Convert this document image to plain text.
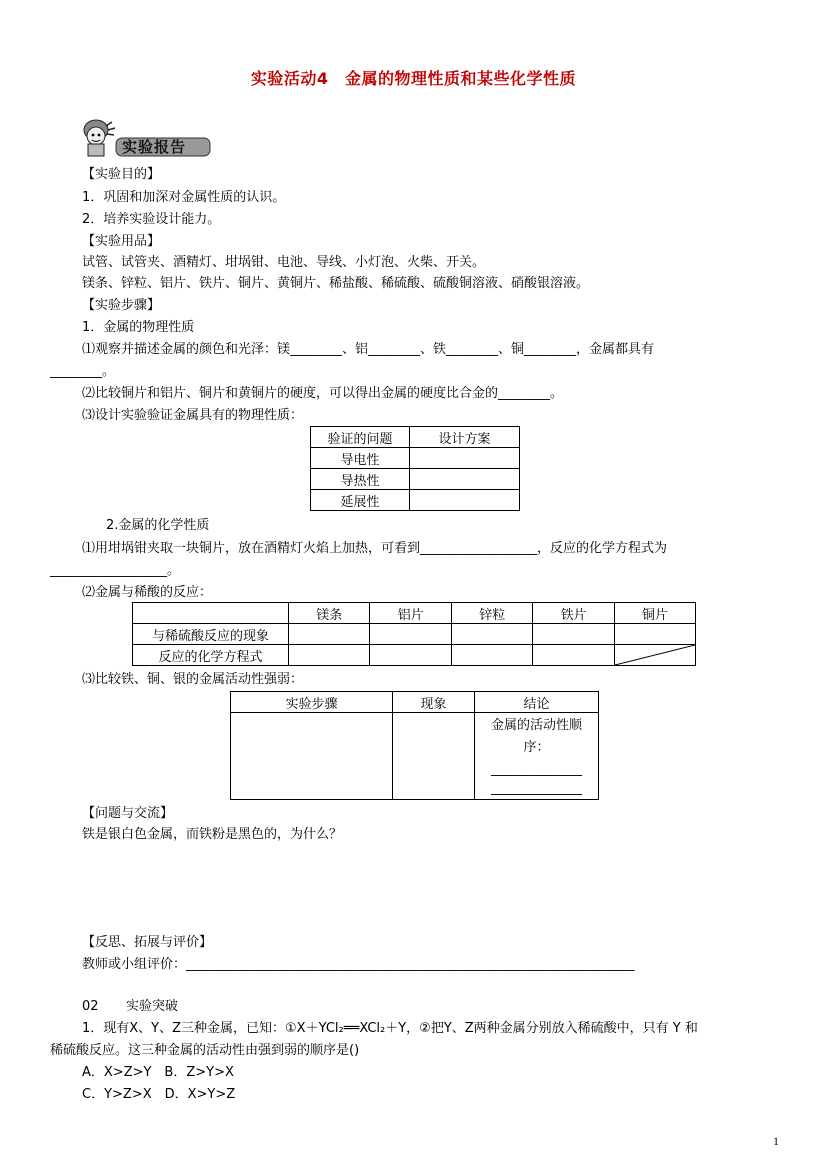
实验活动4　金属的物理性质和某些化学性质
实验报告
【实验目的】
1．巩固和加深对金属性质的认识。
2．培养实验设计能力。
【实验用品】
试管、试管夹、酒精灯、坩埚钳、电池、导线、小灯泡、火柴、开关。
镁条、锌粒、铝片、铁片、铜片、黄铜片、稀盐酸、稀硫酸、硫酸铜溶液、硝酸银溶液。
【实验步骤】
1．金属的物理性质
⑴观察并描述金属的颜色和光泽：镁________、铝________、铁________、铜________，金属都具有
________。
⑵比较铜片和铝片、铜片和黄铜片的硬度，可以得出金属的硬度比合金的________。
⑶设计实验验证金属具有的物理性质：
验证的问题	设计方案
导电性	
导热性	
延展性	
2.金属的化学性质
⑴用坩埚钳夹取一块铜片，放在酒精灯火焰上加热，可看到__________________，反应的化学方程式为
__________________。
⑵金属与稀酸的反应：
	镁条	铝片	锌粒	铁片	铜片
与稀硫酸反应的现象					
反应的化学方程式					
⑶比较铁、铜、银的金属活动性强弱：
实验步骤	现象	结论

		金属的活动性顺
序：
______________
______________
【问题与交流】
铁是银白色金属，而铁粉是黑色的，为什么？
【反思、拓展与评价】
教师或小组评价：_____________________________________________________________________
02 实验突破
1．现有X、Y、Z三种金属，已知：①X＋YCl₂══XCl₂＋Y，②把Y、Z两种金属分别放入稀硫酸中，只有 Y 和
稀硫酸反应。这三种金属的活动性由强到弱的顺序是()
A．X>Z>Y　B．Z>Y>X
C．Y>Z>X　D．X>Y>Z
1
